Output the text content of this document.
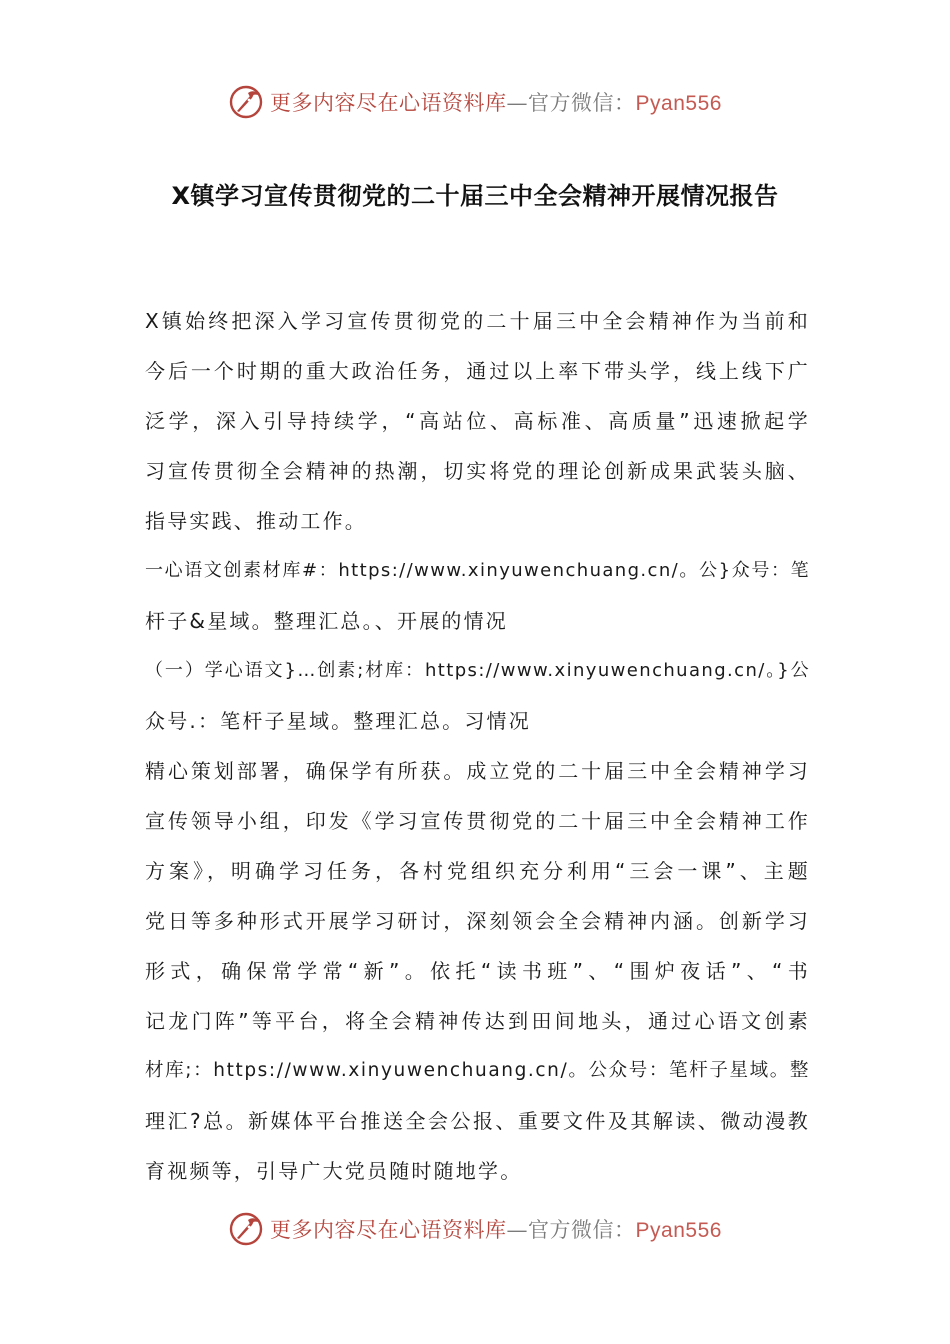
更多内容尽在心语资料库—官方微信：Pyan556
X镇学习宣传贯彻党的二十届三中全会精神开展情况报告
X镇始终把深入学习宣传贯彻党的二十届三中全会精神作为当前和
今后一个时期的重大政治任务，通过以上率下带头学，线上线下广
泛学，深入引导持续学，“高站位、高标准、高质量”迅速掀起学
习宣传贯彻全会精神的热潮，切实将党的理论创新成果武装头脑、
指导实践、推动工作。
一心语文创素材库#：https://www.xinyuwenchuang.cn/。公}众号：笔
杆子&星域。整理汇总。、开展的情况
（一）学心语文}…创素;材库：https://www.xinyuwenchuang.cn/。}公
众号.：笔杆子星域。整理汇总。习情况
精心策划部署，确保学有所获。成立党的二十届三中全会精神学习
宣传领导小组，印发《学习宣传贯彻党的二十届三中全会精神工作
方案》，明确学习任务，各村党组织充分利用“三会一课”、主题
党日等多种形式开展学习研讨，深刻领会全会精神内涵。创新学习
形式，确保常学常“新”。依托“读书班”、“围炉夜话”、“书
记龙门阵”等平台，将全会精神传达到田间地头，通过心语文创素
材库;：https://www.xinyuwenchuang.cn/。公众号：笔杆子星域。整
理汇?总。新媒体平台推送全会公报、重要文件及其解读、微动漫教
育视频等，引导广大党员随时随地学。
更多内容尽在心语资料库—官方微信：Pyan556
